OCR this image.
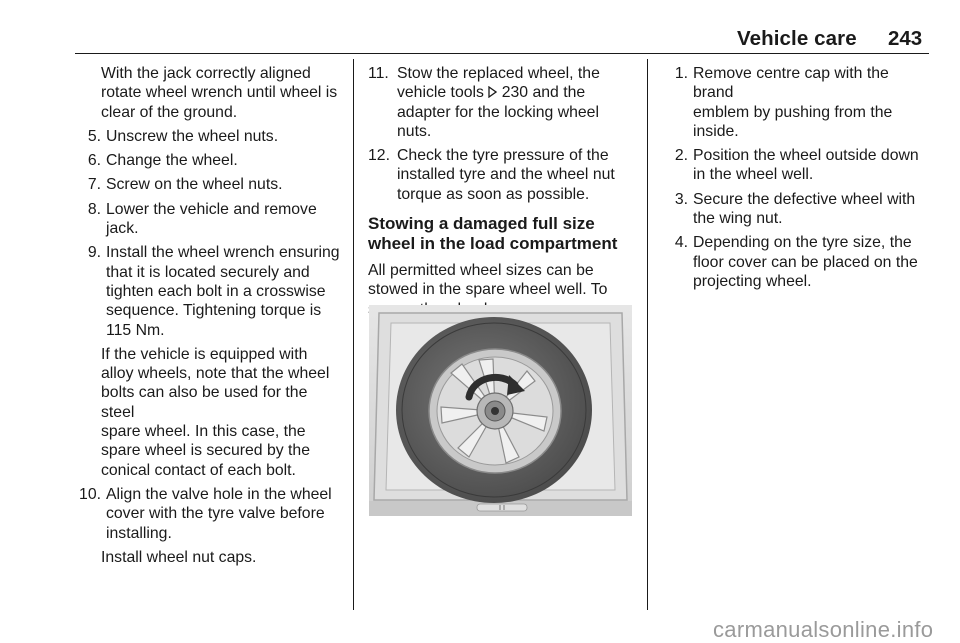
Vehicle care 243
With the jack correctly aligned
rotate wheel wrench until wheel is
clear of the ground.
5. Unscrew the wheel nuts.
6. Change the wheel.
7. Screw on the wheel nuts.
8. Lower the vehicle and remove
jack.
9. Install the wheel wrench ensuring
that it is located securely and
tighten each bolt in a crosswise
sequence. Tightening torque is
115 Nm.
If the vehicle is equipped with
alloy wheels, note that the wheel
bolts can also be used for the steel
spare wheel. In this case, the
spare wheel is secured by the
conical contact of each bolt.
10. Align the valve hole in the wheel
cover with the tyre valve before
installing.
Install wheel nut caps.
11. Stow the replaced wheel, the
vehicle tools  230 and the
adapter for the locking wheel nuts.
12. Check the tyre pressure of the
installed tyre and the wheel nut
torque as soon as possible.
Stowing a damaged full size
wheel in the load compartment
All permitted wheel sizes can be
stowed in the spare wheel well. To

1. Remove centre cap with the brand
emblem by pushing from the
inside.
2. Position the wheel outside down
in the wheel well.
3. Secure the defective wheel with
the wing nut.
4. Depending on the tyre size, the
floor cover can be placed on the
projecting wheel.
carmanualsonline.info
